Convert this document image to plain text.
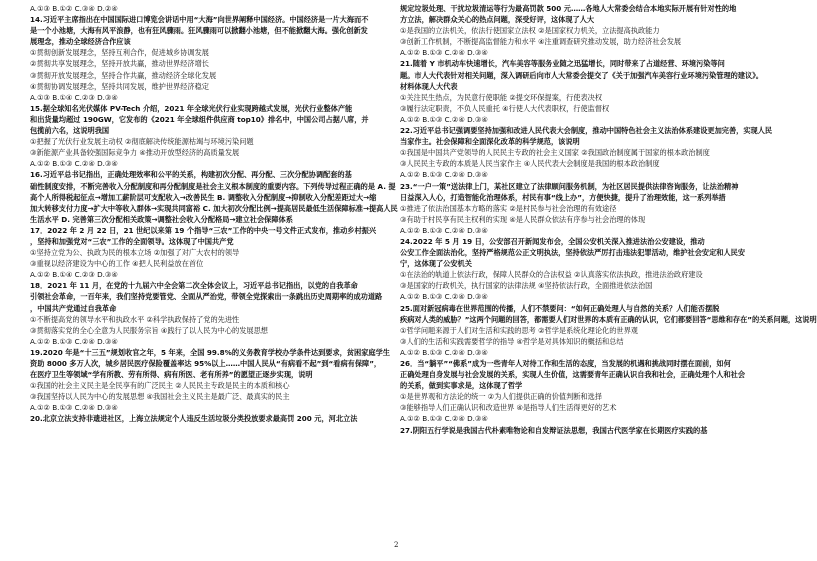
A.①③ B.①② C.③④ D.②④
14.习近平主席指出在中国国际进口博览会讲话中用“大海”向世界阐释中国经济。中国经济是一片大海而不
是一个小池塘，大海有风平浪静，也有狂风骤雨。狂风骤雨可以掀翻小池塘，但不能掀翻大海。强化创新发
展理念，推动全球经济合作应该
①贯彻创新发展理念，坚持互利合作，促进城乡协调发展
②贯彻共享发展理念，坚持开放共赢，推动世界经济增长
③贯彻开放发展理念，坚持合作共赢，推动经济全球化发展
④贯彻协调发展理念，坚持共同发展，维护世界经济稳定
A.①③ B.①④ C.②③ D.③④
15.据全球知名光伏媒体 PV-Tech 介绍，2021 年全球光伏行业实现跨越式发展，光伏行业整体产能
和出货量均超过 190GW，它发布的《2021 年全球组件供应商 top10》排名中，中国公司占据八席，并
包揽前六名，这说明我国
①把握了光伏行业发展主动权 ②彻底解决传统能源枯竭与环境污染问题
③新能源产业具备较强国际竞争力 ④推动开放型经济的高质量发展
A.①② B.①③ C.②④ D.③④
16.习近平总书记指出，正确处理效率和公平的关系，构建初次分配、再分配、三次分配协调配套的基
础性制度安排，不断完善收入分配制度和再分配制度是社会主义根本制度的重要内容。下列传导过程正确的是 A. 提
高个人所得税起征点→增加工薪阶层可支配收入→改善民生 B. 调整收入分配制度→抑制收入分配差距过大→缩
加大转移支付力度→扩大中等收入群体→实现共同富裕 C. 加大初次分配比例→提高居民最低生活保障标准→提高人民
生活水平 D. 完善第三次分配相关政策→调整社会收入分配格局→建立社会保障体系
17．2022 年 2 月 22 日，21 世纪以来第 19 个指导“三农”工作的中央一号文件正式发布，推动乡村振兴
，坚持和加强党对“三农”工作的全面领导。这体现了中国共产党
①坚持立党为公、执政为民的根本立场 ②加强了对广大农村的领导
③重视以经济建设为中心的工作 ④把人民利益放在首位
A.①② B.①④ C.②③ D.③④
18．2021 年 11 月，在党的十九届六中全会第二次全体会议上，习近平总书记指出，以党的自我革命
引领社会革命，一百年来，我们坚持党要管党、全面从严治党，带领全党探索出一条跳出历史周期率的成功道路
，中国共产党通过自我革命
①不断提高党的领导水平和执政水平 ②科学执政保持了党的先进性
③贯彻落实党的全心全意为人民服务宗旨 ④践行了以人民为中心的发展思想
A.①② B.①③ C.②④ D.③④
19.2020 年是“十三五”规划收官之年，5 年来，全国 99.8%的义务教育学校办学条件达到要求，贫困家庭学生
资助 8000 多万人次，城乡居民医疗保险覆盖率达 95%以上……中国人民从“有病看不起”到“看病有保障”，
在医疗卫生等领域“学有所教、劳有所得、病有所医、老有所养”的愿望正逐步实现，说明
①我国的社会主义民主是全民享有的广泛民主 ②人民民主专政是民主的本质和核心
③我国坚持以人民为中心的发展思想 ④我国社会主义民主是最广泛、最真实的民主
A.①② B.①③ C.②④ D.③④
20.北京立法支持非遗进社区，上海立法规定个人违反生活垃圾分类投放要求最高罚 200 元，河北立法
规定垃圾处理、干扰垃圾清运等行为最高罚款 500 元……各地人大常委会结合本地实际开展有针对性的地
方立法，解决群众关心的热点问题，深受好评，这体现了人大
①是我国的立法机关，依法行使国家立法权 ②是国家权力机关，立法提高执政能力
③创新工作机制，不断提高监督能力和水平 ④注重调查研究推动发展，助力经济社会发展
A.①② B.①③ C.②④ D.③④
21.随着 Y 市机动车快速增长，汽车美容等服务业随之迅猛增长，同时带来了占道经营、环境污染等问
题。市人大代表针对相关问题，深入调研后向市人大常委会提交了《关于加强汽车美容行业环境污染管理的建议》。
材料体现人大代表
①关注民生热点，为民意行使职能 ②提交环保提案，行使表决权
③履行法定职责，不负人民重托 ④行使人大代表职权，行使监督权
A.①② B.①③ C.②④ D.③④
22.习近平总书记强调要坚持加强和改进人民代表大会制度，推动中国特色社会主义法治体系建设更加完善，实现人民
当家作主。社会保障和全面深化改革的科学规范，该说明
①我国是中国共产党领导的人民民主专政的社会主义国家 ②我国政治制度属于国家的根本政治制度
③人民民主专政的本质是人民当家作主 ④人民代表大会制度是我国的根本政治制度
A.①② B.①③ C.②④ D.③④
23.“一户一策”送法律上门，某社区建立了法律顾问服务机制，为社区居民提供法律咨询服务，让法治精神
日益深入人心，打造智能化治理体系，村民有事“线上办”，方便快捷，提升了治理效能，这一系列举措
①推进了依法治国基本方略的落实 ②是村民参与社会治理的有效途径
③有助于村民享有民主权利的实现 ④是人民群众依法有序参与社会治理的体现
A.①② B.①③ C.②④ D.③④
24.2022 年 5 月 19 日，公安部召开新闻发布会，全国公安机关深入推进法治公安建设，推动
公安工作全面法治化，坚持严格规范公正文明执法，坚持依法严厉打击违法犯罪活动，维护社会安定和人民安
宁，这体现了公安机关
①在法治的轨道上依法行政，保障人民群众的合法权益 ②认真落实依法执政，推进法治政府建设
③是国家的行政机关，执行国家的法律法规 ④坚持依法行政，全面推进依法治国
A.①② B.①③ C.②④ D.③④
25.面对新冠病毒在世界范围的传播，人们不禁要问：“如何正确处理人与自然的关系？人们能否摆脱
疾病对人类的威胁？”这两个问题的回答，都需要人们对世界的本质有正确的认识，它们都要回答“思维和存在”的关系问题，这说明
①哲学问题来源于人们对生活和实践的思考 ②哲学是系统化理论化的世界观
③人们的生活和实践需要哲学的指导 ④哲学是对具体知识的概括和总结
A.①② B.①③ C.②④ D.③④
26．当“躺平”“佛系”成为一些青年人对待工作和生活的态度，当发展的机遇和挑战同时摆在面前，如何
正确处理自身发展与社会发展的关系，实现人生价值，这需要青年正确认识自我和社会，正确处理个人和社会
的关系，做到实事求是，这体现了哲学
①是世界观和方法论的统一 ②为人们提供正确的价值判断和选择
③能够指导人们正确认识和改造世界 ④是指导人们生活得更好的艺术
A.①② B.①③ C.②④ D.③④
27.阴阳五行学说是我国古代朴素唯物论和自发辩证法思想，我国古代医学家在长期医疗实践的基
2
